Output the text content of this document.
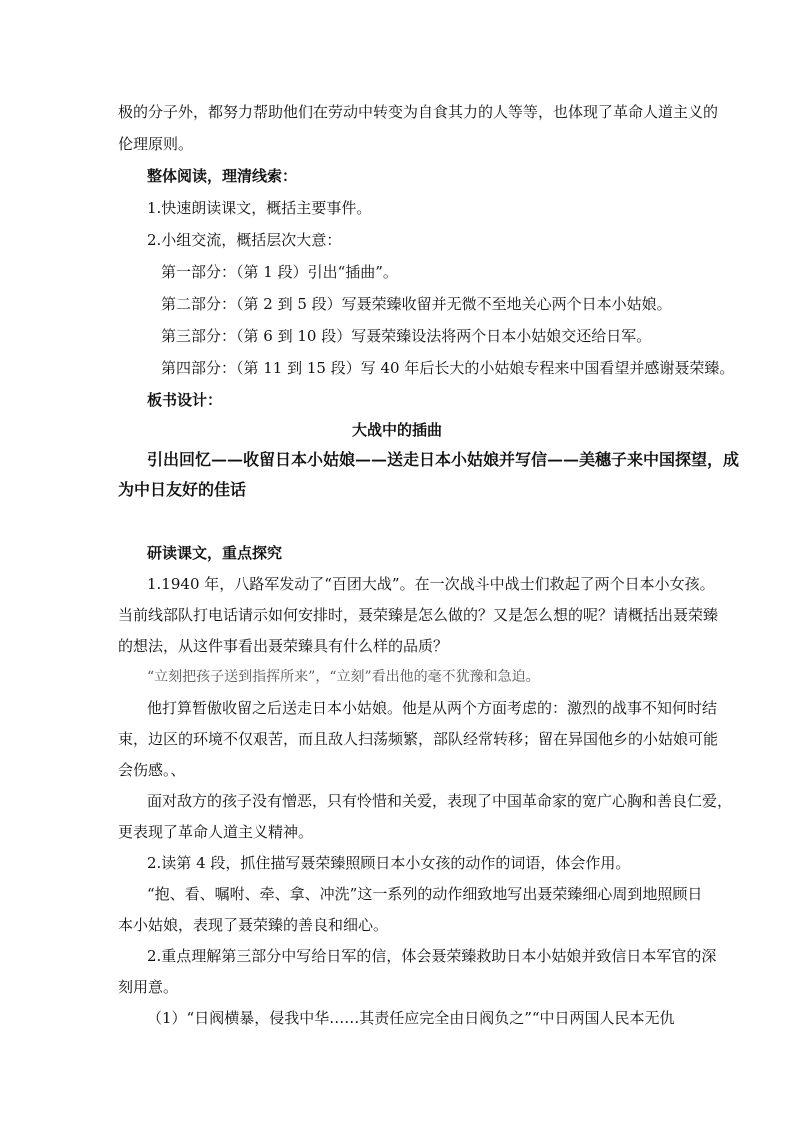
极的分子外，都努力帮助他们在劳动中转变为自食其力的人等等，也体现了革命人道主义的
伦理原则。
整体阅读，理清线索：
1.快速朗读课文，概括主要事件。
2.小组交流，概括层次大意：
第一部分：（第 1 段）引出“插曲”。
第二部分：（第 2 到 5 段）写聂荣臻收留并无微不至地关心两个日本小姑娘。
第三部分：（第 6 到 10 段）写聂荣臻设法将两个日本小姑娘交还给日军。
第四部分：（第 11 到 15 段）写 40 年后长大的小姑娘专程来中国看望并感谢聂荣臻。
板书设计：
大战中的插曲
引出回忆——收留日本小姑娘——送走日本小姑娘并写信——美穗子来中国探望，成
为中日友好的佳话
研读课文，重点探究
1.1940 年，八路军发动了“百团大战”。在一次战斗中战士们救起了两个日本小女孩。
当前线部队打电话请示如何安排时，聂荣臻是怎么做的？又是怎么想的呢？请概括出聂荣臻
的想法，从这件事看出聂荣臻具有什么样的品质？
“立刻把孩子送到指挥所来”，“立刻”看出他的毫不犹豫和急迫。
他打算暂傲收留之后送走日本小姑娘。他是从两个方面考虑的：激烈的战事不知何时结
束，边区的环境不仅艰苦，而且敌人扫荡频繁，部队经常转移；留在异国他乡的小姑娘可能
会伤感。、
面对敌方的孩子没有憎恶，只有怜惜和关爱，表现了中国革命家的宽广心胸和善良仁爱，
更表现了革命人道主义精神。
2.读第 4 段，抓住描写聂荣臻照顾日本小女孩的动作的词语，体会作用。
“抱、看、嘱咐、牵、拿、冲洗”这一系列的动作细致地写出聂荣臻细心周到地照顾日
本小姑娘，表现了聂荣臻的善良和细心。
2.重点理解第三部分中写给日军的信，体会聂荣臻救助日本小姑娘并致信日本军官的深
刻用意。
（1）“日阀横暴，侵我中华……其责任应完全由日阀负之”“中日两国人民本无仇
